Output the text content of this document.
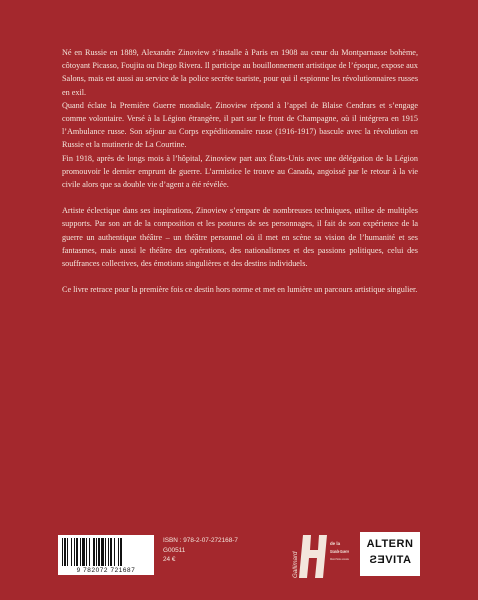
Né en Russie en 1889, Alexandre Zinoview s’installe à Paris en 1908 au cœur du Montparnasse bohème, côtoyant Picasso, Foujita ou Diego Rivera. Il participe au bouillonnement artistique de l’époque, expose aux Salons, mais est aussi au service de la police secrète tsariste, pour qui il espionne les révolutionnaires russes en exil.

Quand éclate la Première Guerre mondiale, Zinoview répond à l’appel de Blaise Cendrars et s’engage comme volontaire. Versé à la Légion étrangère, il part sur le front de Champagne, où il intégrera en 1915 l’Ambulance russe. Son séjour au Corps expéditionnaire russe (1916-1917) bascule avec la révolution en Russie et la mutinerie de La Courtine.

Fin 1918, après de longs mois à l’hôpital, Zinoview part aux États-Unis avec une délégation de la Légion promouvoir le dernier emprunt de guerre. L’armistice le trouve au Canada, angoissé par le retour à la vie civile alors que sa double vie d’agent a été révélée.

Artiste éclectique dans ses inspirations, Zinoview s’empare de nombreuses techniques, utilise de multiples supports. Par son art de la composition et les postures de ses personnages, il fait de son expérience de la guerre un authentique théâtre – un théâtre personnel où il met en scène sa vision de l’humanité et ses fantasmes, mais aussi le théâtre des opérations, des nationalismes et des passions politiques, celui des souffrances collectives, des émotions singulières et des destins individuels.

Ce livre retrace pour la première fois ce destin hors norme et met en lumière un parcours artistique singulier.

9 782072 721687
ISBN : 978-2-07-272168-7
G00511
24 €	Gallimard
de la
Grande Guerre
Mission Histoire centenaire
ALTERN
ATIVES
